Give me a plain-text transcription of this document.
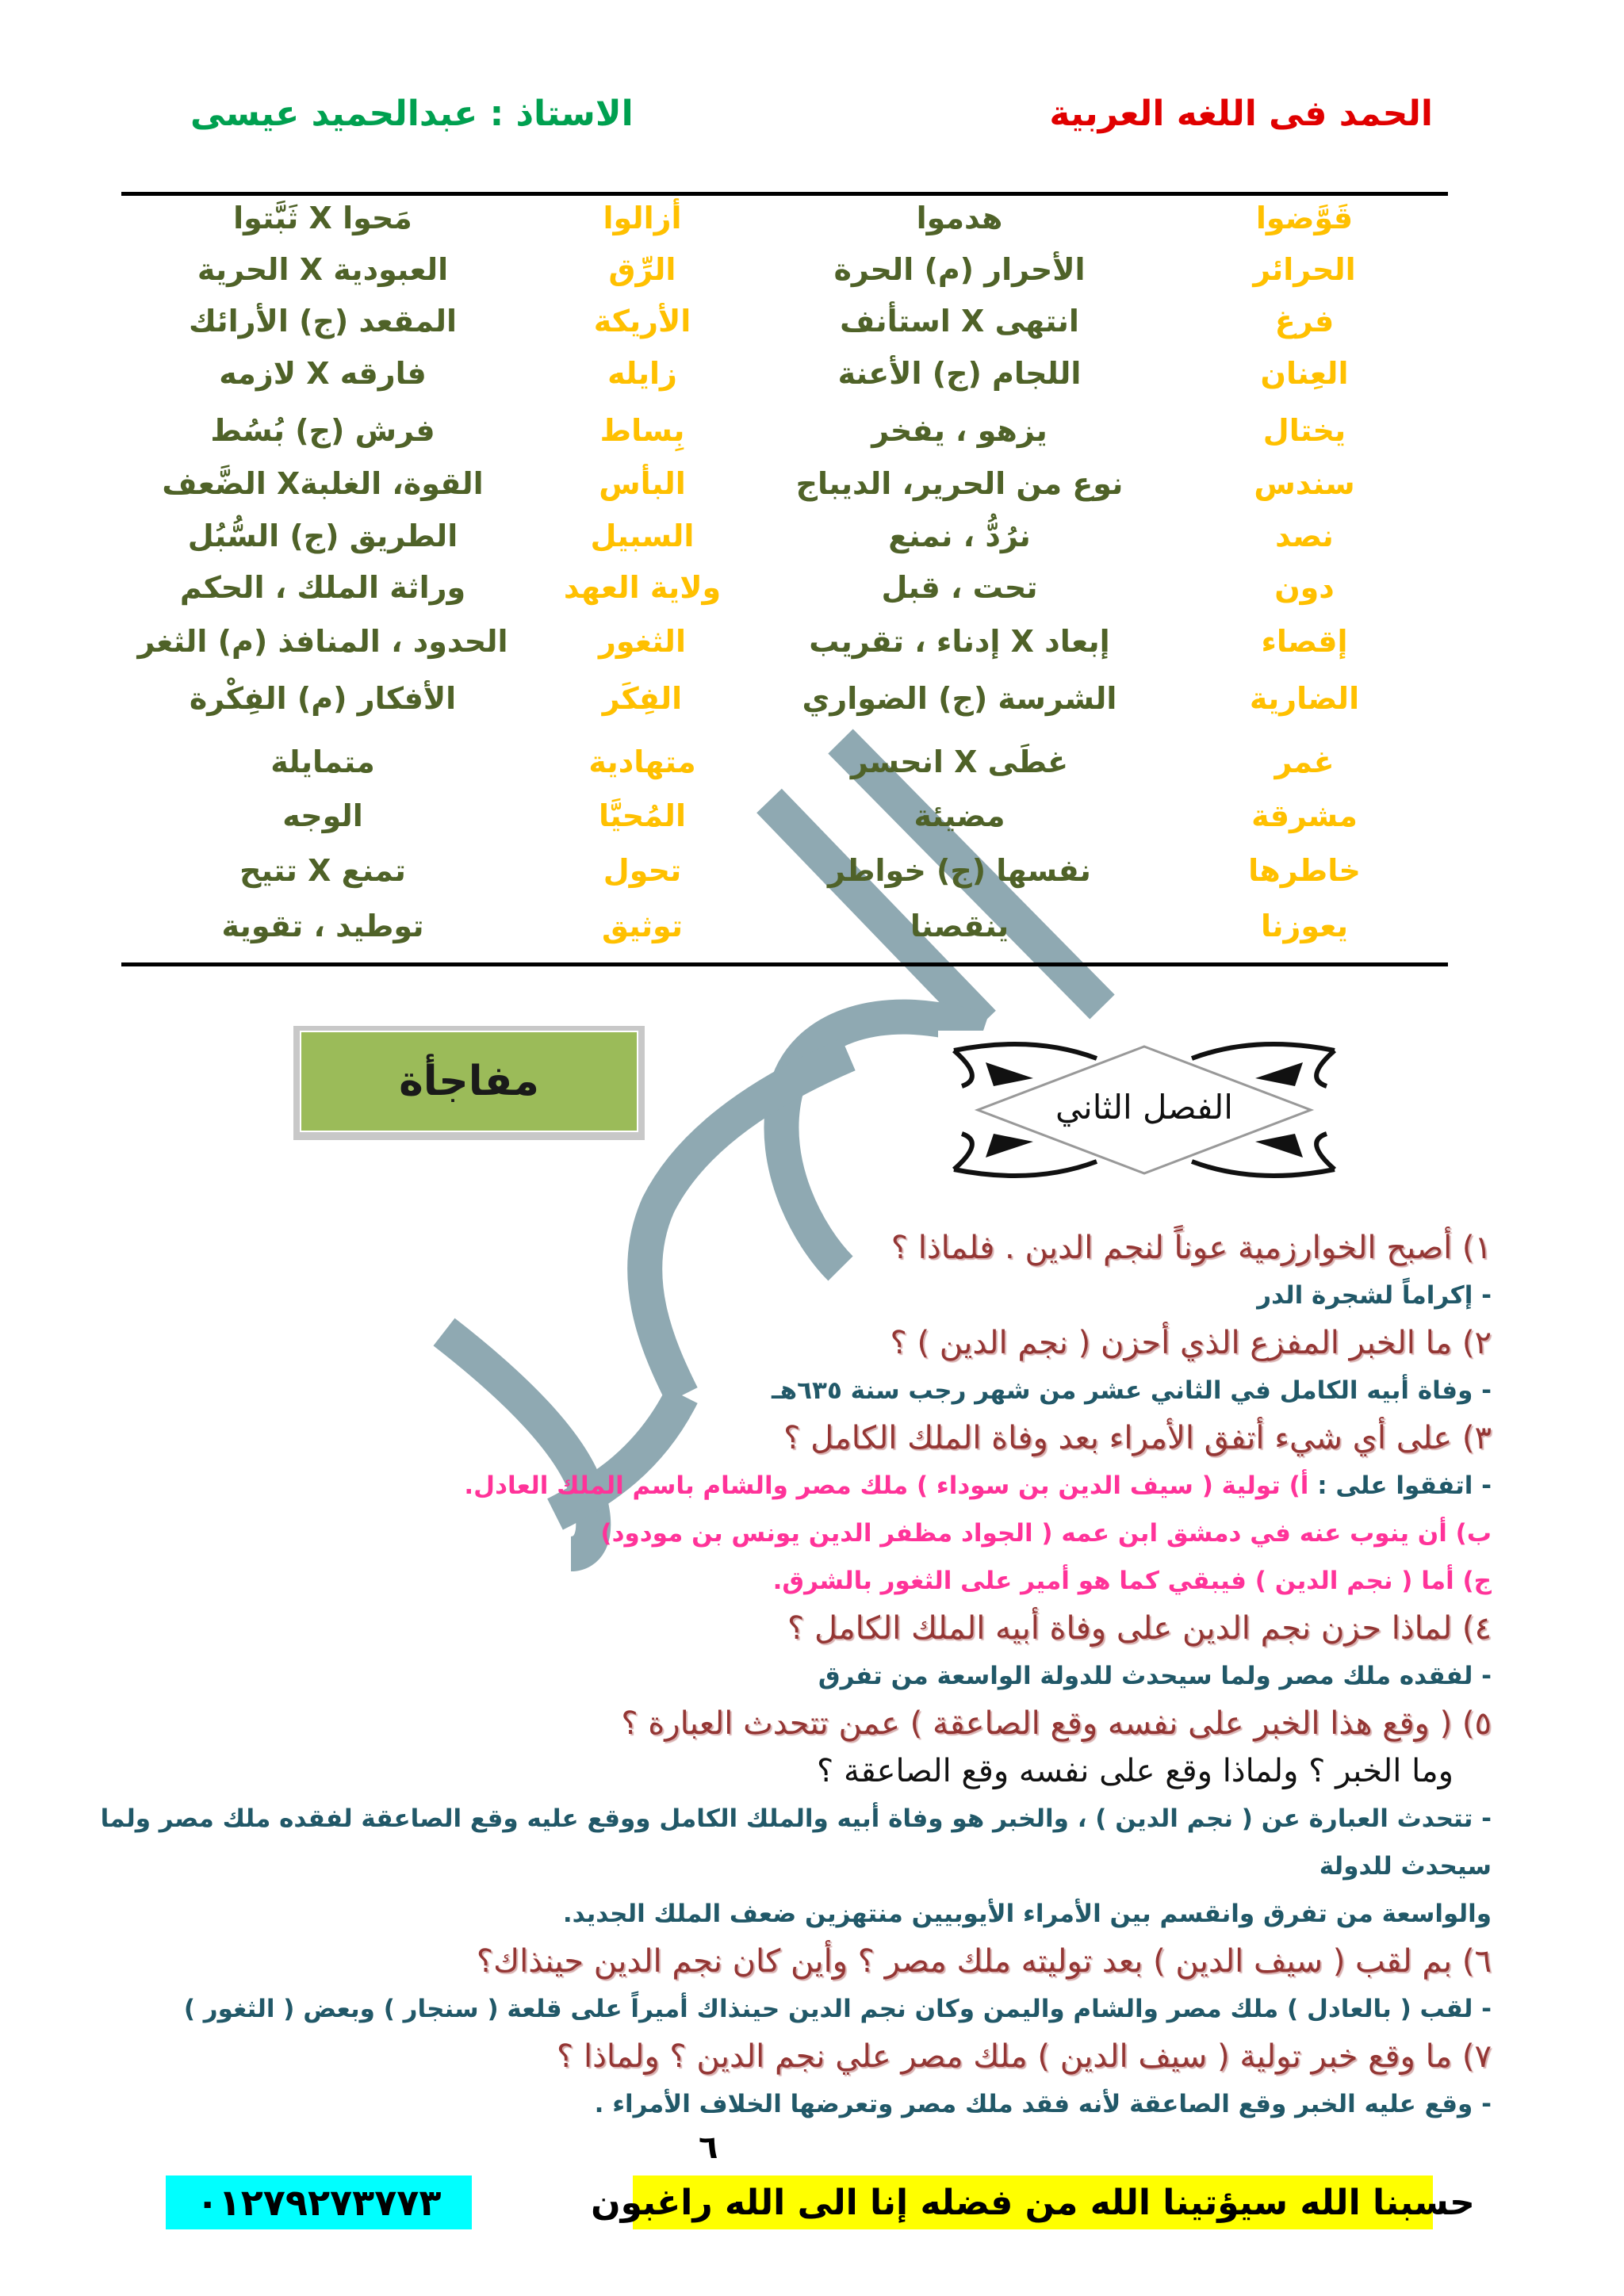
الحمد فى اللغه العربية
الاستاذ : عبدالحميد عيسى
قَوَّضوا
هدموا
أزالوا
مَحوا X ثَبَّتوا
الحرائر
الأحرار (م) الحرة
الرِّق
العبودية X الحرية
فرغ
انتهى X استأنف
الأريكة
المقعد (ج) الأرائك
العِنان
اللجام (ج) الأعنة
زايله
فارقه X لازمه
يختال
يزهو ، يفخر
بِساط
فرش (ج) بُسُط
سندس
نوع من الحرير، الديباج
البأس
القوة، الغلبةX الضَّعف
نصد
نرُدُّ ، نمنع
السبيل
الطريق (ج) السُّبُل
دون
تحت ، قبل
ولاية العهد
وراثة الملك ، الحكم
إقصاء
إبعاد X إدناء ، تقريب
الثغور
الحدود ، المنافذ (م) الثغر
الضارية
الشرسة (ج) الضواري
الفِكَر
الأفكار (م) الفِكْرة
غمر
غطَى X انحسر
متهادية
متمايلة
مشرقة
مضيئة
المُحيَّا
الوجه
خاطرها
نفسها (ج) خواطر
تحول
تمنع X تتيح
يعوزنا
ينقصنا
توثيق
توطيد ، تقوية
مفاجأة
الفصل الثاني
١) أصبح الخوارزمية عوناً لنجم الدين . فلماذا ؟
- إكراماً لشجرة الدر
٢) ما الخبر المفزع الذي أحزن ( نجم الدين ) ؟
- وفاة أبيه الكامل في الثاني عشر من شهر رجب سنة ٦٣٥هـ
٣) على أي شيء أتفق الأمراء بعد وفاة الملك الكامل ؟
- اتفقوا على : أ) تولية ( سيف الدين بن سوداء ) ملك مصر والشام باسم الملك العادل.
ب) أن ينوب عنه في دمشق ابن عمه ( الجواد مظفر الدين يونس بن مودود)
ج) أما ( نجم الدين ) فيبقي كما هو أمير على الثغور بالشرق.
٤) لماذا حزن نجم الدين على وفاة أبيه الملك الكامل ؟
- لفقده ملك مصر ولما سيحدث للدولة الواسعة من تفرق
٥) ( وقع هذا الخبر على نفسه وقع الصاعقة ) عمن تتحدث العبارة ؟
وما الخبر ؟ ولماذا وقع على نفسه وقع الصاعقة ؟
- تتحدث العبارة عن ( نجم الدين ) ، والخبر هو وفاة أبيه والملك الكامل ووقع عليه وقع الصاعقة لفقده ملك مصر ولما سيحدث للدولة
والواسعة من تفرق وانقسم بين الأمراء الأيوبيين منتهزين ضعف الملك الجديد.
٦) بم لقب ( سيف الدين ) بعد توليته ملك مصر ؟ وأين كان نجم الدين حينذاك؟
- لقب ( بالعادل ) ملك مصر والشام واليمن وكان نجم الدين حينذاك أميراً على قلعة ( سنجار ) وبعض ( الثغور )
٧) ما وقع خبر تولية ( سيف الدين ) ملك مصر علي نجم الدين ؟ ولماذا ؟
- وقع عليه الخبر وقع الصاعقة لأنه فقد ملك مصر وتعرضها الخلاف الأمراء .
٦
حسبنا الله سيؤتينا الله من فضله إنا الى الله راغبون
٠١٢٧٩٢٧٣٧٧٣
